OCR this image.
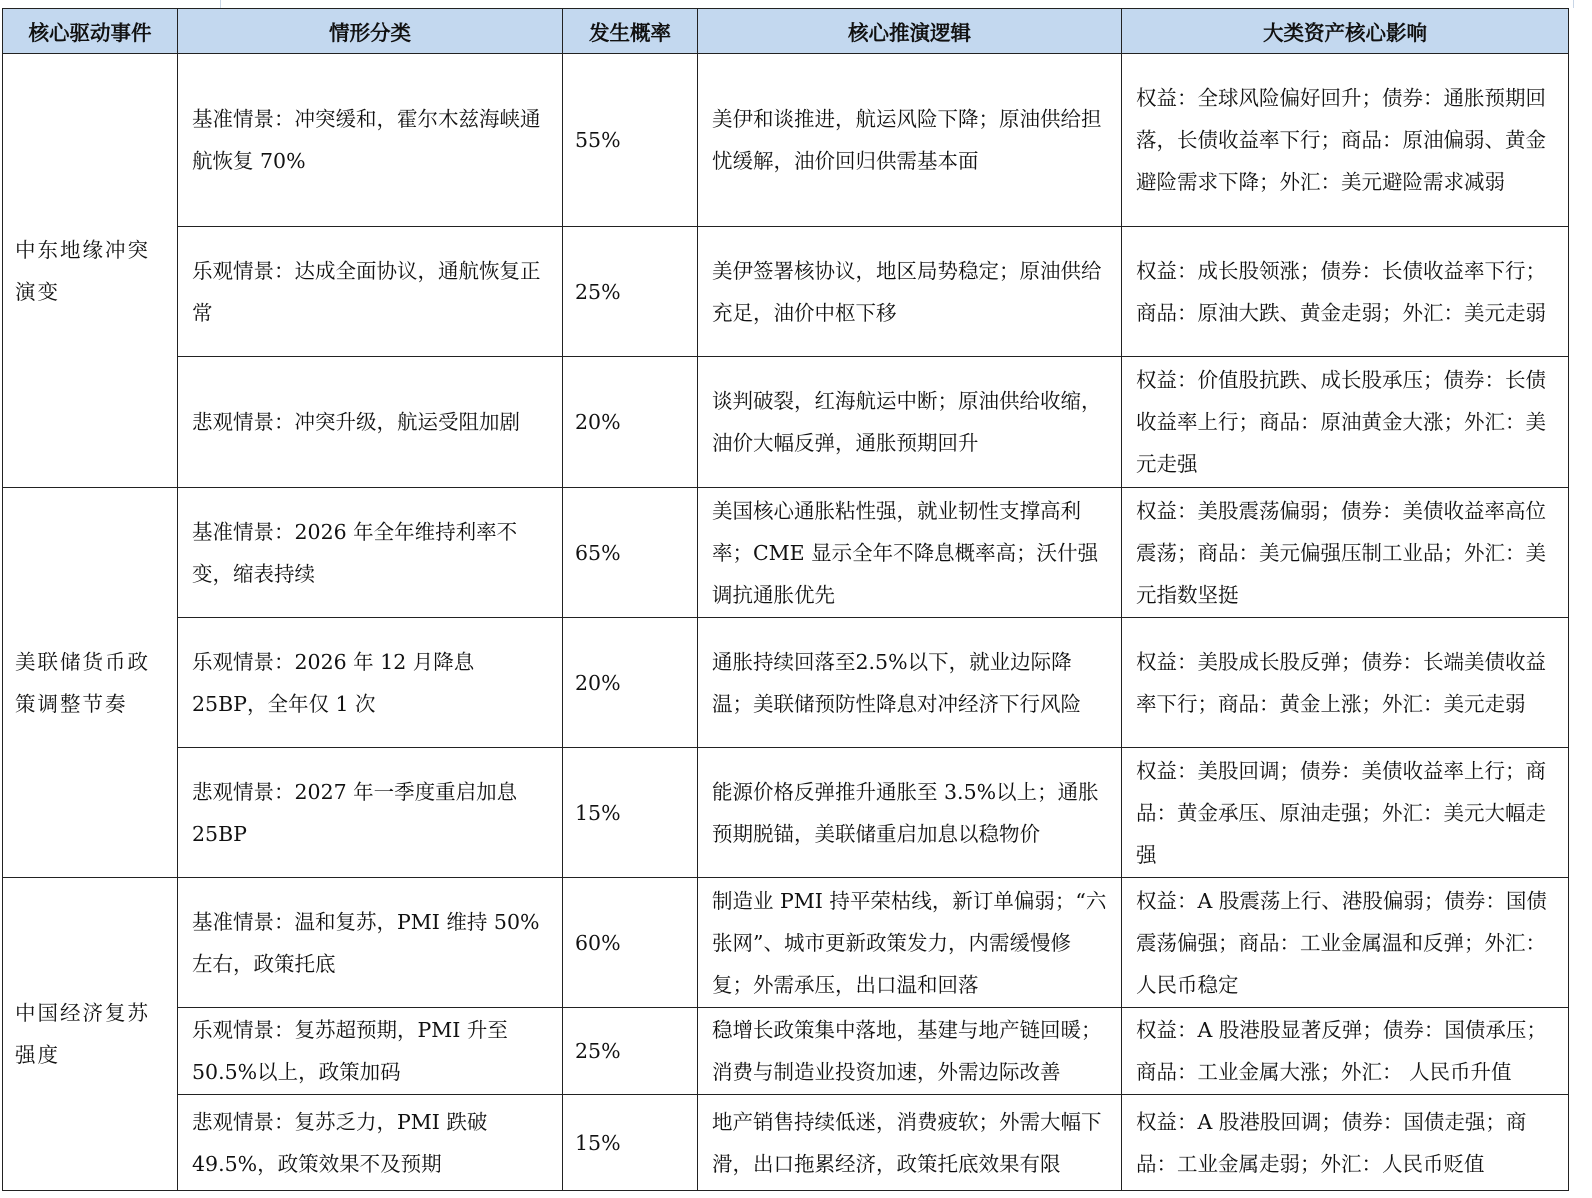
核心驱动事件	情形分类	发生概率	核心推演逻辑	大类资产核心影响
中东地缘冲突演变	基准情景：冲突缓和，霍尔木兹海峡通航恢复 70%	55%	美伊和谈推进，航运风险下降；原油供给担忧缓解，油价回归供需基本面	权益：全球风险偏好回升；债券：通胀预期回落，长债收益率下行；商品：原油偏弱、黄金避险需求下降；外汇：美元避险需求减弱
	乐观情景：达成全面协议，通航恢复正常	25%	美伊签署核协议，地区局势稳定；原油供给充足，油价中枢下移	权益：成长股领涨；债券：长债收益率下行；商品：原油大跌、黄金走弱；外汇：美元走弱
	悲观情景：冲突升级，航运受阻加剧	20%	谈判破裂，红海航运中断；原油供给收缩，油价大幅反弹，通胀预期回升	权益：价值股抗跌、成长股承压；债券：长债收益率上行；商品：原油黄金大涨；外汇：美元走强
美联储货币政策调整节奏	基准情景：2026 年全年维持利率不变，缩表持续	65%	美国核心通胀粘性强，就业韧性支撑高利率；CME 显示全年不降息概率高；沃什强调抗通胀优先	权益：美股震荡偏弱；债券：美债收益率高位震荡；商品：美元偏强压制工业品；外汇：美元指数坚挺
	乐观情景：2026 年 12 月降息 25BP，全年仅 1 次	20%	通胀持续回落至2.5%以下，就业边际降温；美联储预防性降息对冲经济下行风险	权益：美股成长股反弹；债券：长端美债收益率下行；商品：黄金上涨；外汇：美元走弱
	悲观情景：2027 年一季度重启加息 25BP	15%	能源价格反弹推升通胀至 3.5%以上；通胀预期脱锚，美联储重启加息以稳物价	权益：美股回调；债券：美债收益率上行；商品：黄金承压、原油走强；外汇：美元大幅走强
中国经济复苏强度	基准情景：温和复苏，PMI 维持 50%左右，政策托底	60%	制造业 PMI 持平荣枯线，新订单偏弱；“六张网”、城市更新政策发力，内需缓慢修复；外需承压，出口温和回落	权益：A 股震荡上行、港股偏弱；债券：国债震荡偏强；商品：工业金属温和反弹；外汇：人民币稳定
	乐观情景：复苏超预期，PMI 升至 50.5%以上，政策加码	25%	稳增长政策集中落地，基建与地产链回暖；消费与制造业投资加速，外需边际改善	权益：A 股港股显著反弹；债券：国债承压；商品：工业金属大涨；外汇： 人民币升值
	悲观情景：复苏乏力，PMI 跌破 49.5%，政策效果不及预期	15%	地产销售持续低迷，消费疲软；外需大幅下滑，出口拖累经济，政策托底效果有限	权益：A 股港股回调；债券：国债走强；商品：工业金属走弱；外汇：人民币贬值
